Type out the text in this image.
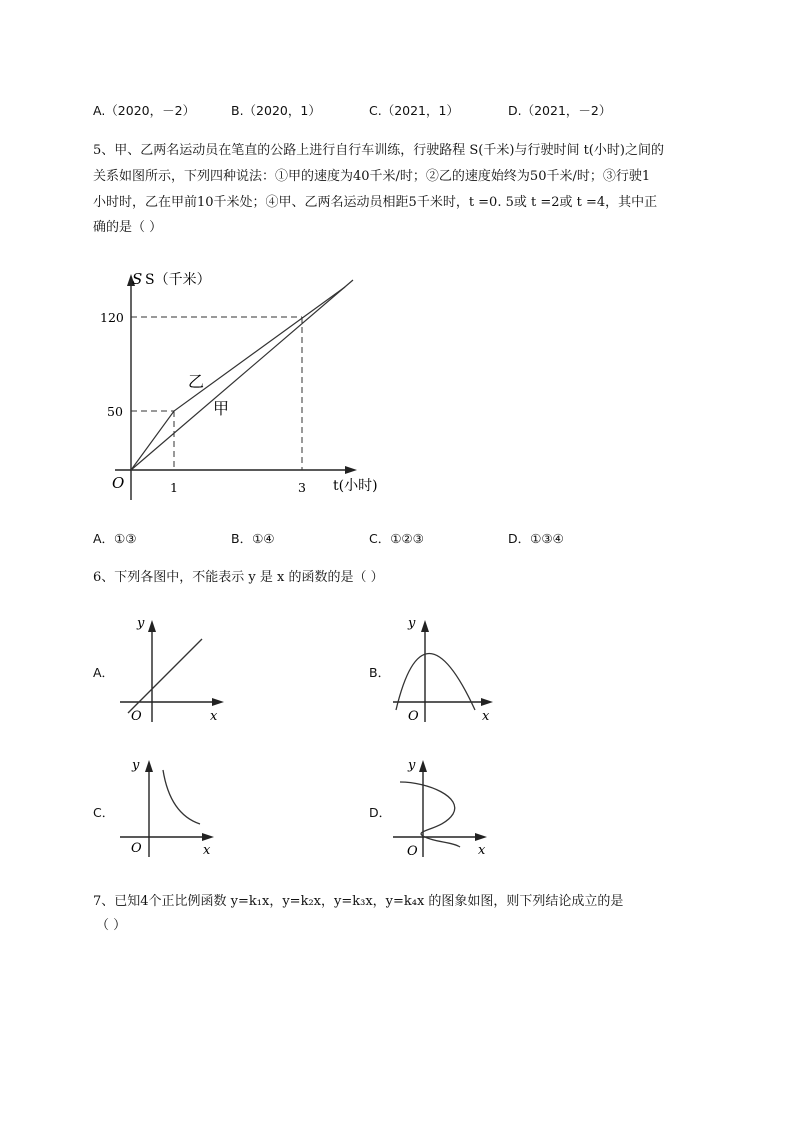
A.（2020，－2）	B.（2020，1）	C.（2021，1）	D.（2021，－2）
5、甲、乙两名运动员在笔直的公路上进行自行车训练，行驶路程 S(千米)与行驶时间 t(小时)之间的
关系如图所示，下列四种说法：①甲的速度为40千米/时；②乙的速度始终为50千米/时；③行驶1
小时时，乙在甲前10千米处；④甲、乙两名运动员相距5千米时，t =0. 5或 t =2或 t =4，其中正
确的是（ ）
S S（千米）
120
50
O	1	3 t(小时)
乙
甲
A．①③	B．①④	C．①②③	D．①③④
6、下列各图中，不能表示 y 是 x 的函数的是（ ）
A．
y
O	x
B．
y
O	x
C．
y
O	x
D．
y
O	x
7、已知4个正比例函数 y=k₁x，y=k₂x，y=k₃x，y=k₄x 的图象如图，则下列结论成立的是
（ ）
